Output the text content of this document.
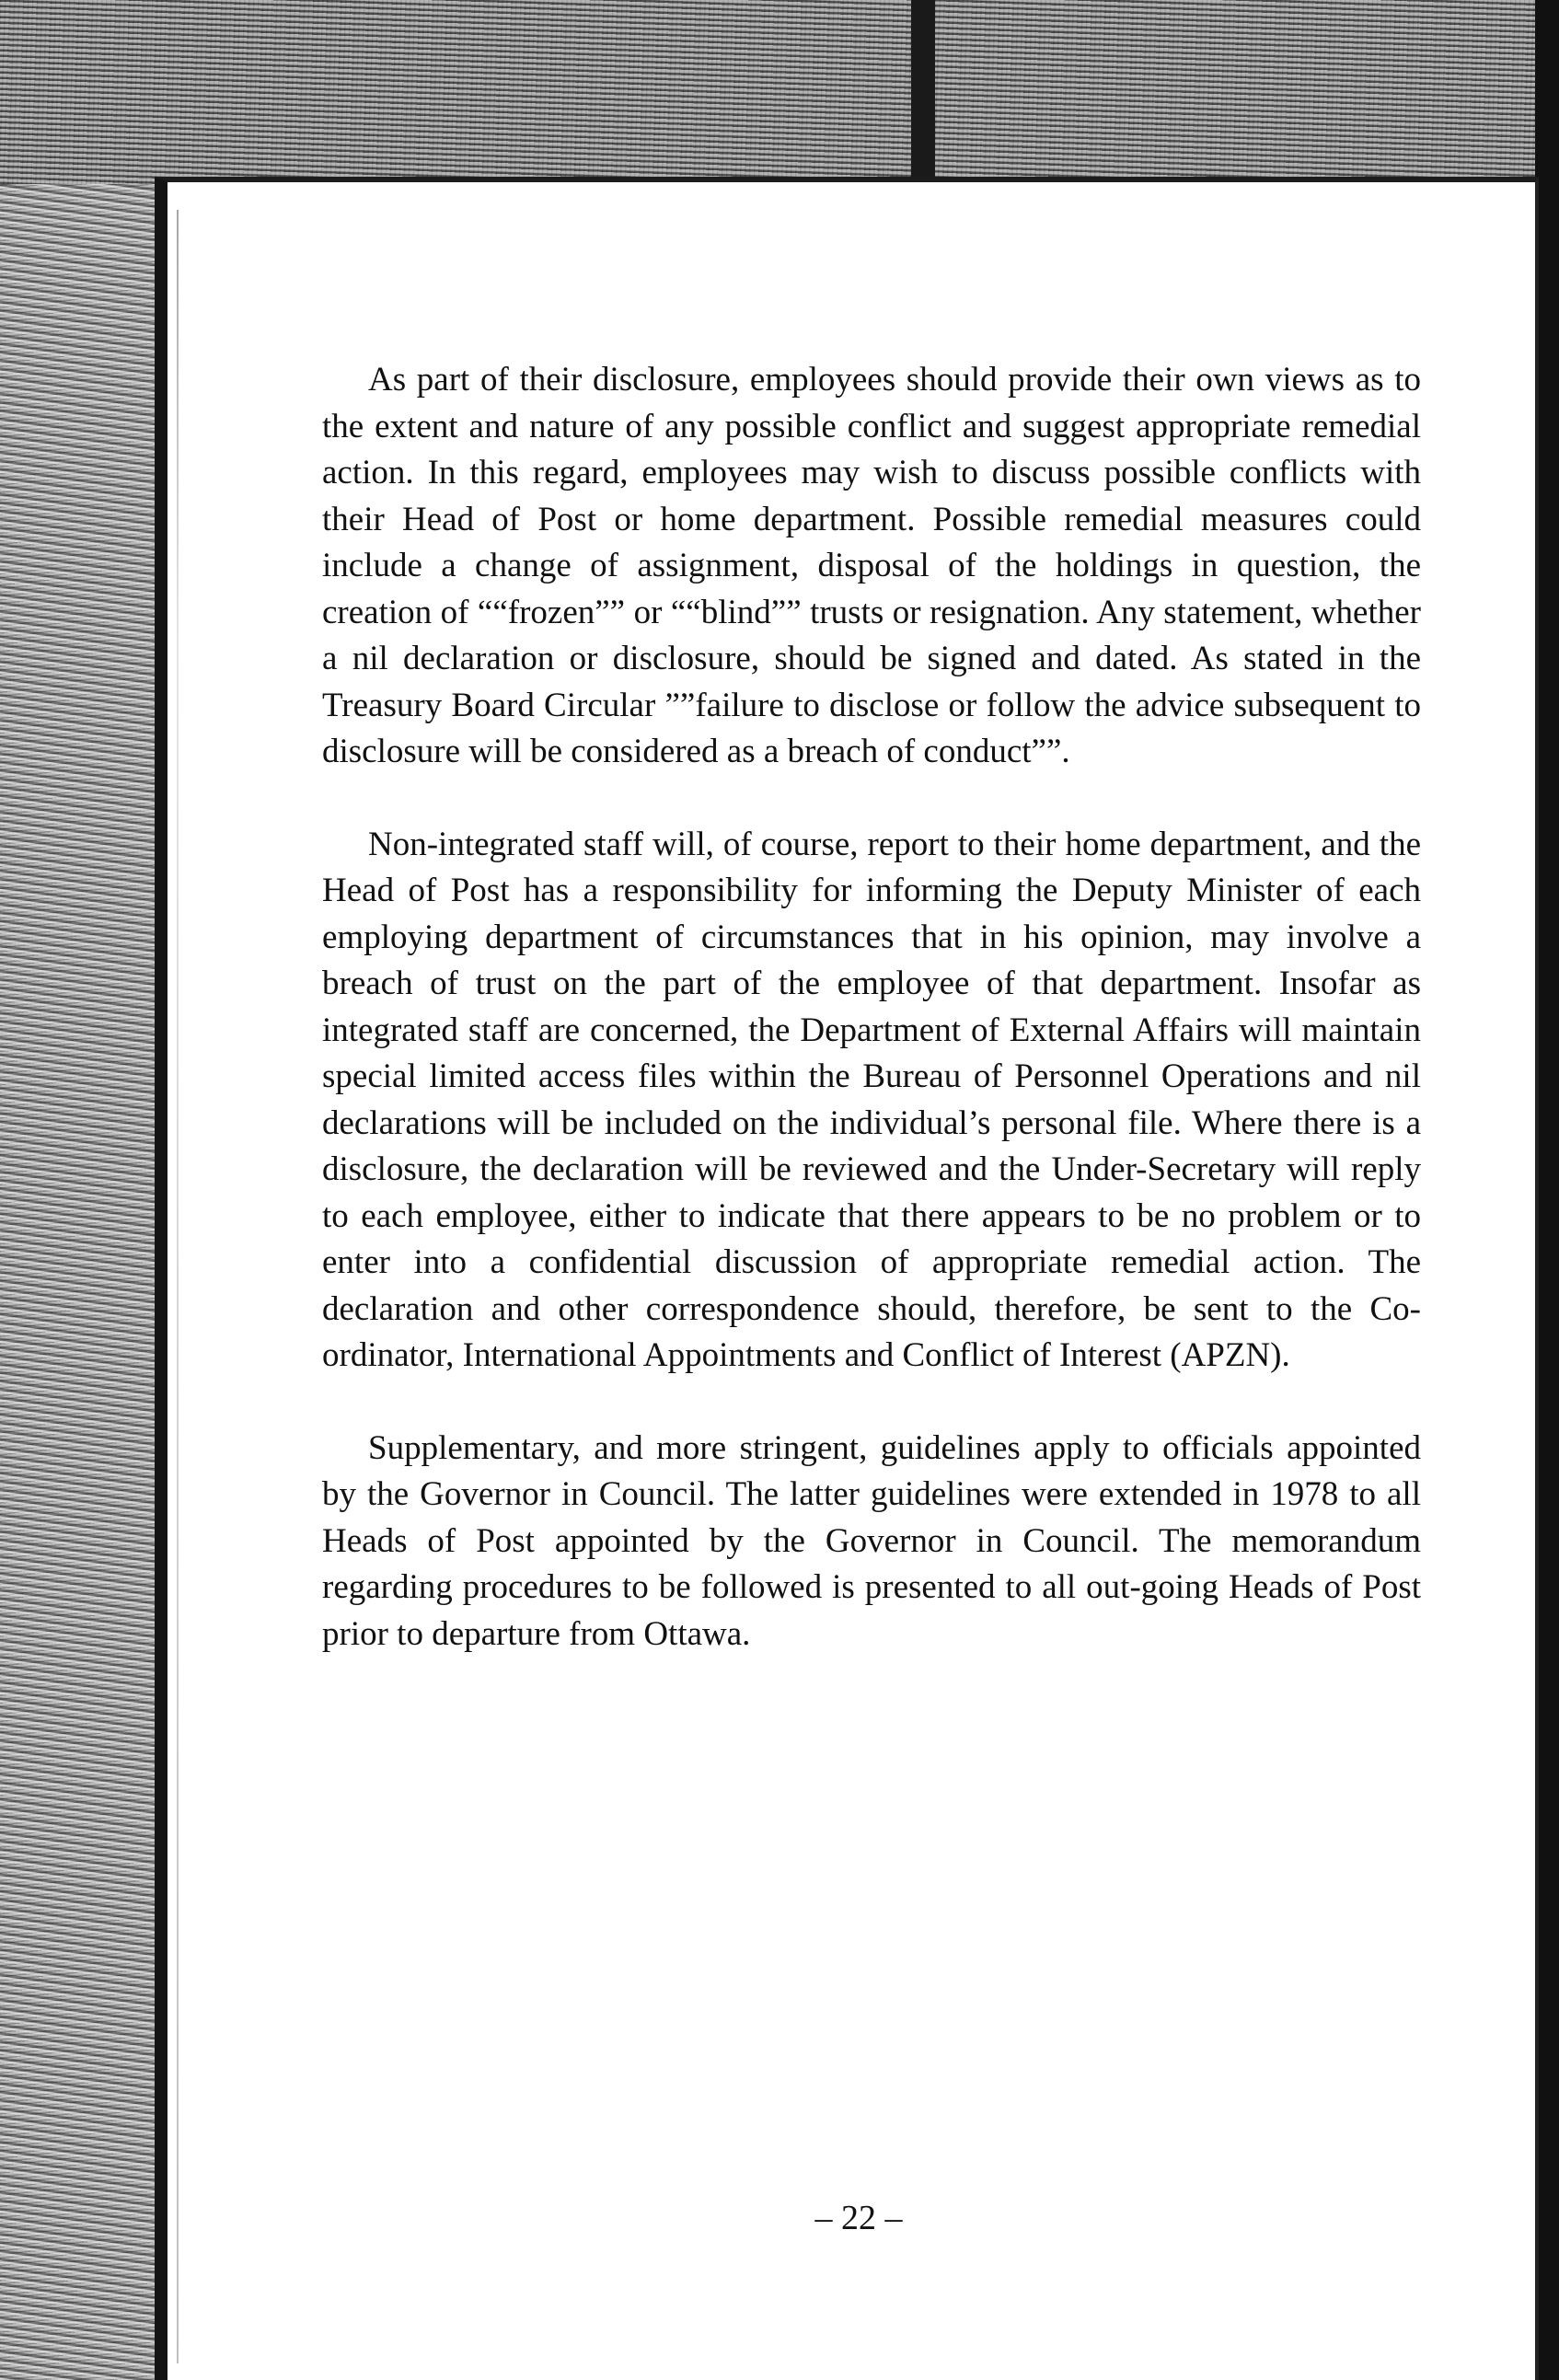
As part of their disclosure, employees should provide their own views as to the extent and nature of any possible conflict and suggest appropriate remedial action. In this regard, employees may wish to discuss possible conflicts with their Head of Post or home department. Possible remedial measures could include a change of assignment, disposal of the holdings in question, the creation of ““frozen”” or ““blind”” trusts or resignation. Any statement, whether a nil declaration or disclosure, should be signed and dated. As stated in the Treasury Board Circular ””failure to disclose or follow the advice subsequent to disclosure will be considered as a breach of conduct””.

Non-integrated staff will, of course, report to their home department, and the Head of Post has a responsibility for informing the Deputy Minister of each employing department of circumstances that in his opinion, may involve a breach of trust on the part of the employee of that department. Insofar as integrated staff are concerned, the Department of External Affairs will maintain special limited access files within the Bureau of Personnel Operations and nil declarations will be included on the individual’s personal file. Where there is a disclosure, the declaration will be reviewed and the Under-Secretary will reply to each employee, either to indicate that there appears to be no problem or to enter into a confidential discussion of appropriate remedial action. The declaration and other correspondence should, therefore, be sent to the Co-ordinator, International Appointments and Conflict of Interest (APZN).

Supplementary, and more stringent, guidelines apply to officials appointed by the Governor in Council. The latter guidelines were extended in 1978 to all Heads of Post appointed by the Governor in Council. The memorandum regarding procedures to be followed is presented to all out-going Heads of Post prior to departure from Ottawa.

– 22 –
